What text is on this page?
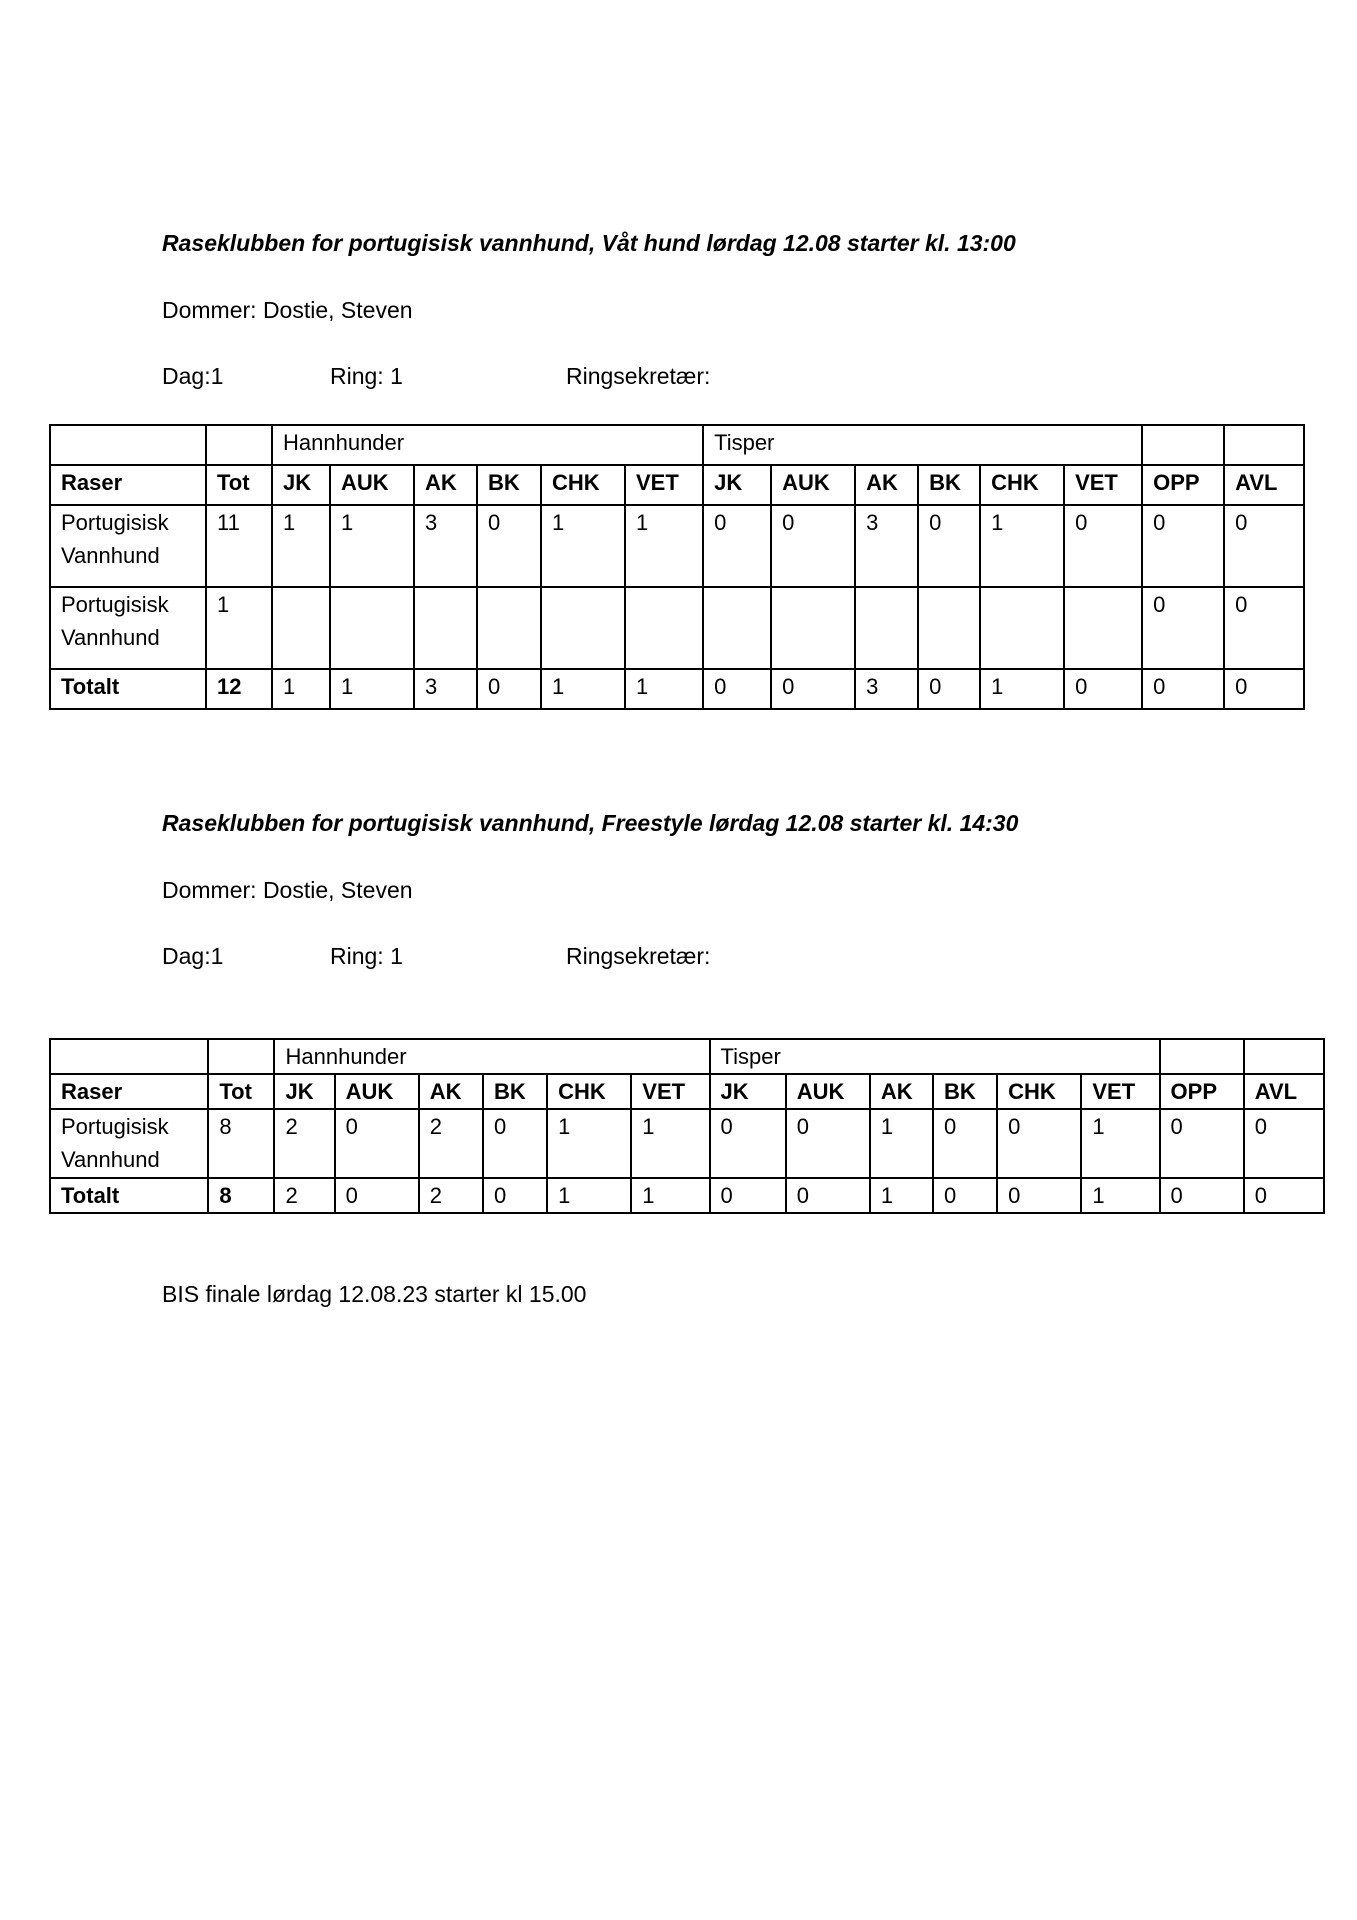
Raseklubben for portugisisk vannhund, Våt hund lørdag 12.08 starter kl. 13:00
Dommer: Dostie, Steven
Dag:1	Ring: 1	Ringsekretær:
		Hannhunder						Tisper							
Raser	Tot	JK	AUK	AK	BK	CHK	VET	JK	AUK	AK	BK	CHK	VET	OPP	AVL
Portugisisk Vannhund	11	1	1	3	0	1	1	0	0	3	0	1	0	0	0
Portugisisk Vannhund	1													0	0
Totalt	12	1	1	3	0	1	1	0	0	3	0	1	0	0	0
Raseklubben for portugisisk vannhund, Freestyle lørdag 12.08 starter kl. 14:30
Dommer: Dostie, Steven
Dag:1	Ring: 1	Ringsekretær:
		Hannhunder						Tisper							
Raser	Tot	JK	AUK	AK	BK	CHK	VET	JK	AUK	AK	BK	CHK	VET	OPP	AVL
Portugisisk Vannhund	8	2	0	2	0	1	1	0	0	1	0	0	1	0	0
Totalt	8	2	0	2	0	1	1	0	0	1	0	0	1	0	0
BIS finale lørdag 12.08.23 starter kl 15.00
